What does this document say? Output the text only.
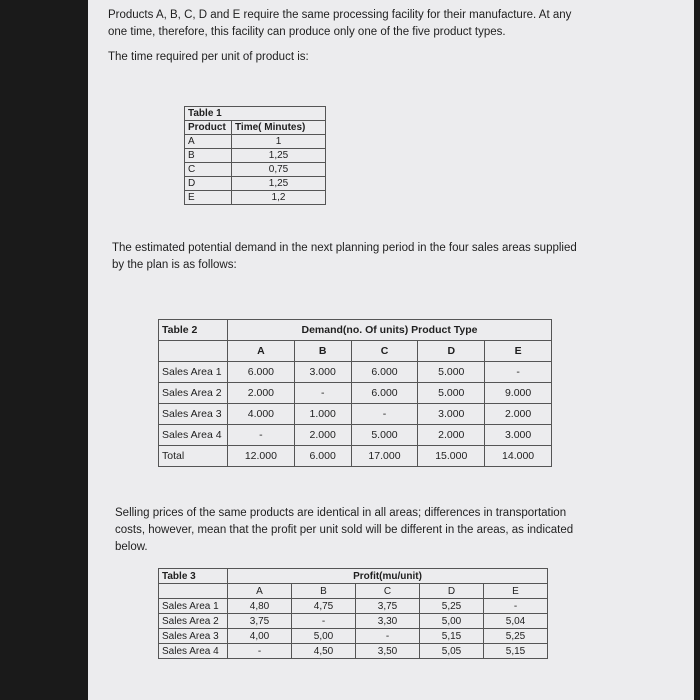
Products A, B, C, D and E require the same processing facility for their manufacture. At any
one time, therefore, this facility can produce only one of the five product types.
The time required per unit of product is:
Table 1	
Product	Time( Minutes)
A	1
B	1,25
C	0,75
D	1,25
E	1,2
The estimated potential demand in the next planning period in the four sales areas supplied
by the plan is as follows:
Table 2	Demand(no. Of units) Product Type				
	A	B	C	D	E
Sales Area 1	6.000	3.000	6.000	5.000	-
Sales Area 2	2.000	-	6.000	5.000	9.000
Sales Area 3	4.000	1.000	-	3.000	2.000
Sales Area 4	-	2.000	5.000	2.000	3.000
Total	12.000	6.000	17.000	15.000	14.000
Selling prices of the same products are identical in all areas; differences in transportation
costs, however, mean that the profit per unit sold will be different in the areas, as indicated
below.
Table 3	Profit(mu/unit)				
	A	B	C	D	E
Sales Area 1	4,80	4,75	3,75	5,25	-
Sales Area 2	3,75	-	3,30	5,00	5,04
Sales Area 3	4,00	5,00	-	5,15	5,25
Sales Area 4	-	4,50	3,50	5,05	5,15
